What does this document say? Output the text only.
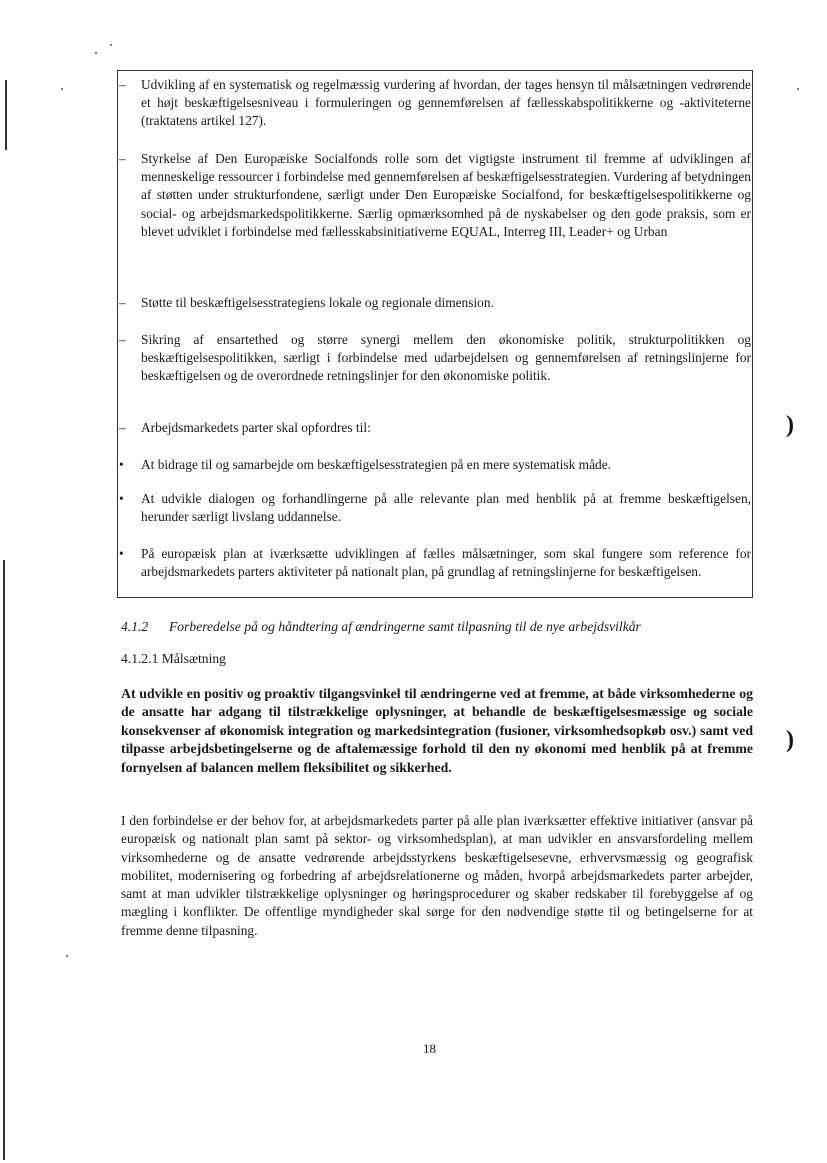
–	Udvikling af en systematisk og regelmæssig vurdering af hvordan, der tages hensyn til målsætningen vedrørende et højt beskæftigelsesniveau i formuleringen og gennemførelsen af fællesskabspolitikkerne og -aktiviteterne (traktatens artikel 127).
–	Styrkelse af Den Europæiske Socialfonds rolle som det vigtigste instrument til fremme af udviklingen af menneskelige ressourcer i forbindelse med gennemførelsen af beskæftigelsesstrategien. Vurdering af betydningen af støtten under strukturfondene, særligt under Den Europæiske Socialfond, for beskæftigelsespolitikkerne og social- og arbejdsmarkedspolitikkerne. Særlig opmærksomhed på de nyskabelser og den gode praksis, som er blevet udviklet i forbindelse med fællesskabsinitiativerne EQUAL, Interreg III, Leader+ og Urban
–	Støtte til beskæftigelsesstrategiens lokale og regionale dimension.
–	Sikring af ensartethed og større synergi mellem den økonomiske politik, strukturpolitikken og beskæftigelsespolitikken, særligt i forbindelse med udarbejdelsen og gennemførelsen af retningslinjerne for beskæftigelsen og de overordnede retningslinjer for den økonomiske politik.
–	Arbejdsmarkedets parter skal opfordres til:
•	At bidrage til og samarbejde om beskæftigelsesstrategien på en mere systematisk måde.
•	At udvikle dialogen og forhandlingerne på alle relevante plan med henblik på at fremme beskæftigelsen, herunder særligt livslang uddannelse.
•	På europæisk plan at iværksætte udviklingen af fælles målsætninger, som skal fungere som reference for arbejdsmarkedets parters aktiviteter på nationalt plan, på grundlag af retningslinjerne for beskæftigelsen.
4.1.2 Forberedelse på og håndtering af ændringerne samt tilpasning til de nye arbejdsvilkår
4.1.2.1 Målsætning
At udvikle en positiv og proaktiv tilgangsvinkel til ændringerne ved at fremme, at både virksomhederne og de ansatte har adgang til tilstrækkelige oplysninger, at behandle de beskæftigelsesmæssige og sociale konsekvenser af økonomisk integration og markedsintegration (fusioner, virksomhedsopkøb osv.) samt ved tilpasse arbejdsbetingelserne og de aftalemæssige forhold til den ny økonomi med henblik på at fremme fornyelsen af balancen mellem fleksibilitet og sikkerhed.
I den forbindelse er der behov for, at arbejdsmarkedets parter på alle plan iværksætter effektive initiativer (ansvar på europæisk og nationalt plan samt på sektor- og virksomhedsplan), at man udvikler en ansvarsfordeling mellem virksomhederne og de ansatte vedrørende arbejdsstyrkens beskæftigelsesevne, erhvervsmæssig og geografisk mobilitet, modernisering og forbedring af arbejdsrelationerne og måden, hvorpå arbejdsmarkedets parter arbejder, samt at man udvikler tilstrækkelige oplysninger og høringsprocedurer og skaber redskaber til forebyggelse af og mægling i konflikter. De offentlige myndigheder skal sørge for den nødvendige støtte til og betingelserne for at fremme denne tilpasning.
18
)
)
